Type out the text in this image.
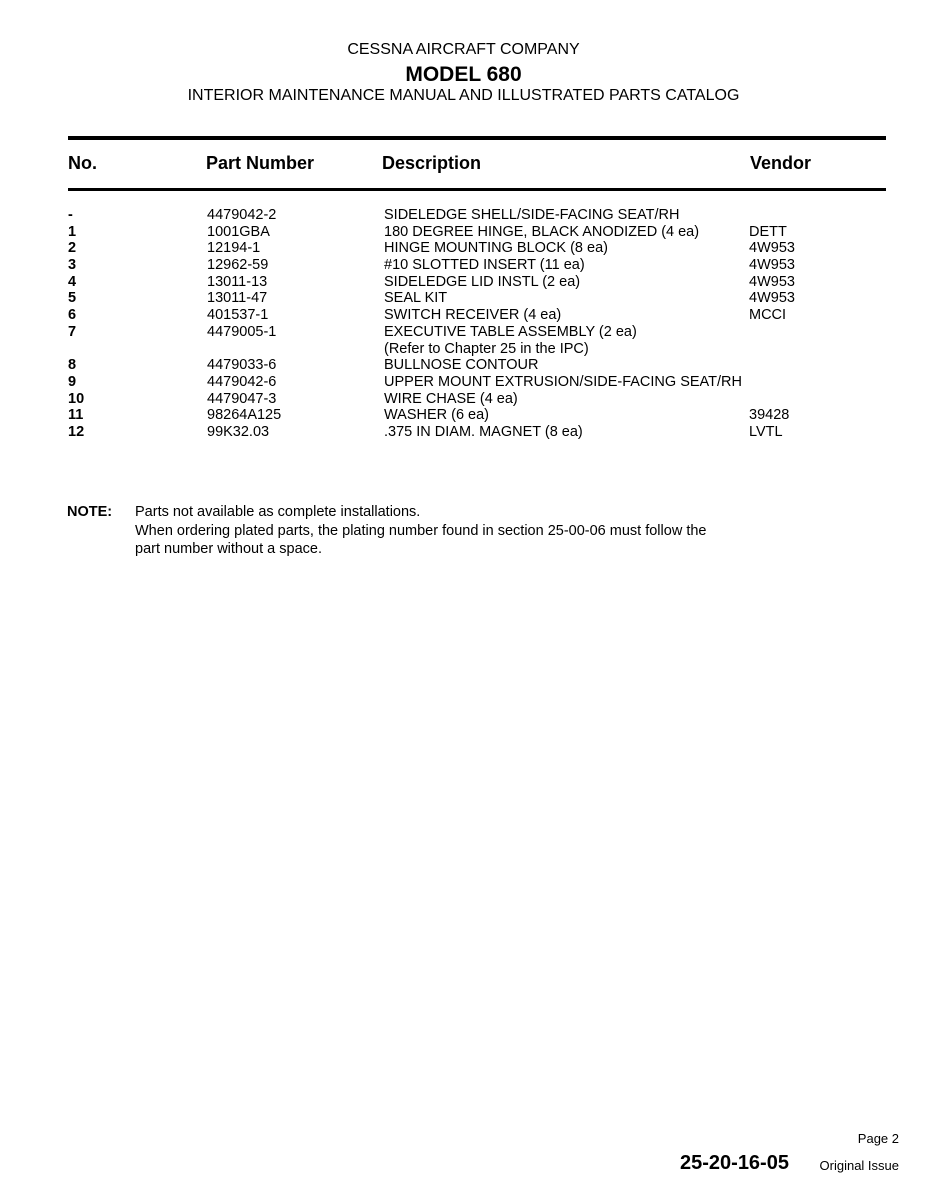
CESSNA AIRCRAFT COMPANY
MODEL 680
INTERIOR MAINTENANCE MANUAL AND ILLUSTRATED PARTS CATALOG
No.	Part Number	Description	Vendor
-	4479042-2	SIDELEDGE SHELL/SIDE-FACING SEAT/RH
1	1001GBA	180 DEGREE HINGE, BLACK ANODIZED (4 ea)	DETT
2	12194-1	HINGE MOUNTING BLOCK (8 ea)	4W953
3	12962-59	#10 SLOTTED INSERT (11 ea)	4W953
4	13011-13	SIDELEDGE LID INSTL (2 ea)	4W953
5	13011-47	SEAL KIT	4W953
6	401537-1	SWITCH RECEIVER (4 ea)	MCCI
7	4479005-1	EXECUTIVE TABLE ASSEMBLY (2 ea)
(Refer to Chapter 25 in the IPC)
8	4479033-6	BULLNOSE CONTOUR
9	4479042-6	UPPER MOUNT EXTRUSION/SIDE-FACING SEAT/RH
10	4479047-3	WIRE CHASE (4 ea)
11	98264A125	WASHER (6 ea)	39428
12	99K32.03	.375 IN DIAM. MAGNET (8 ea)	LVTL
NOTE: Parts not available as complete installations.
When ordering plated parts, the plating number found in section 25-00-06 must follow the
part number without a space.
Page 2
25-20-16-05 Original Issue
